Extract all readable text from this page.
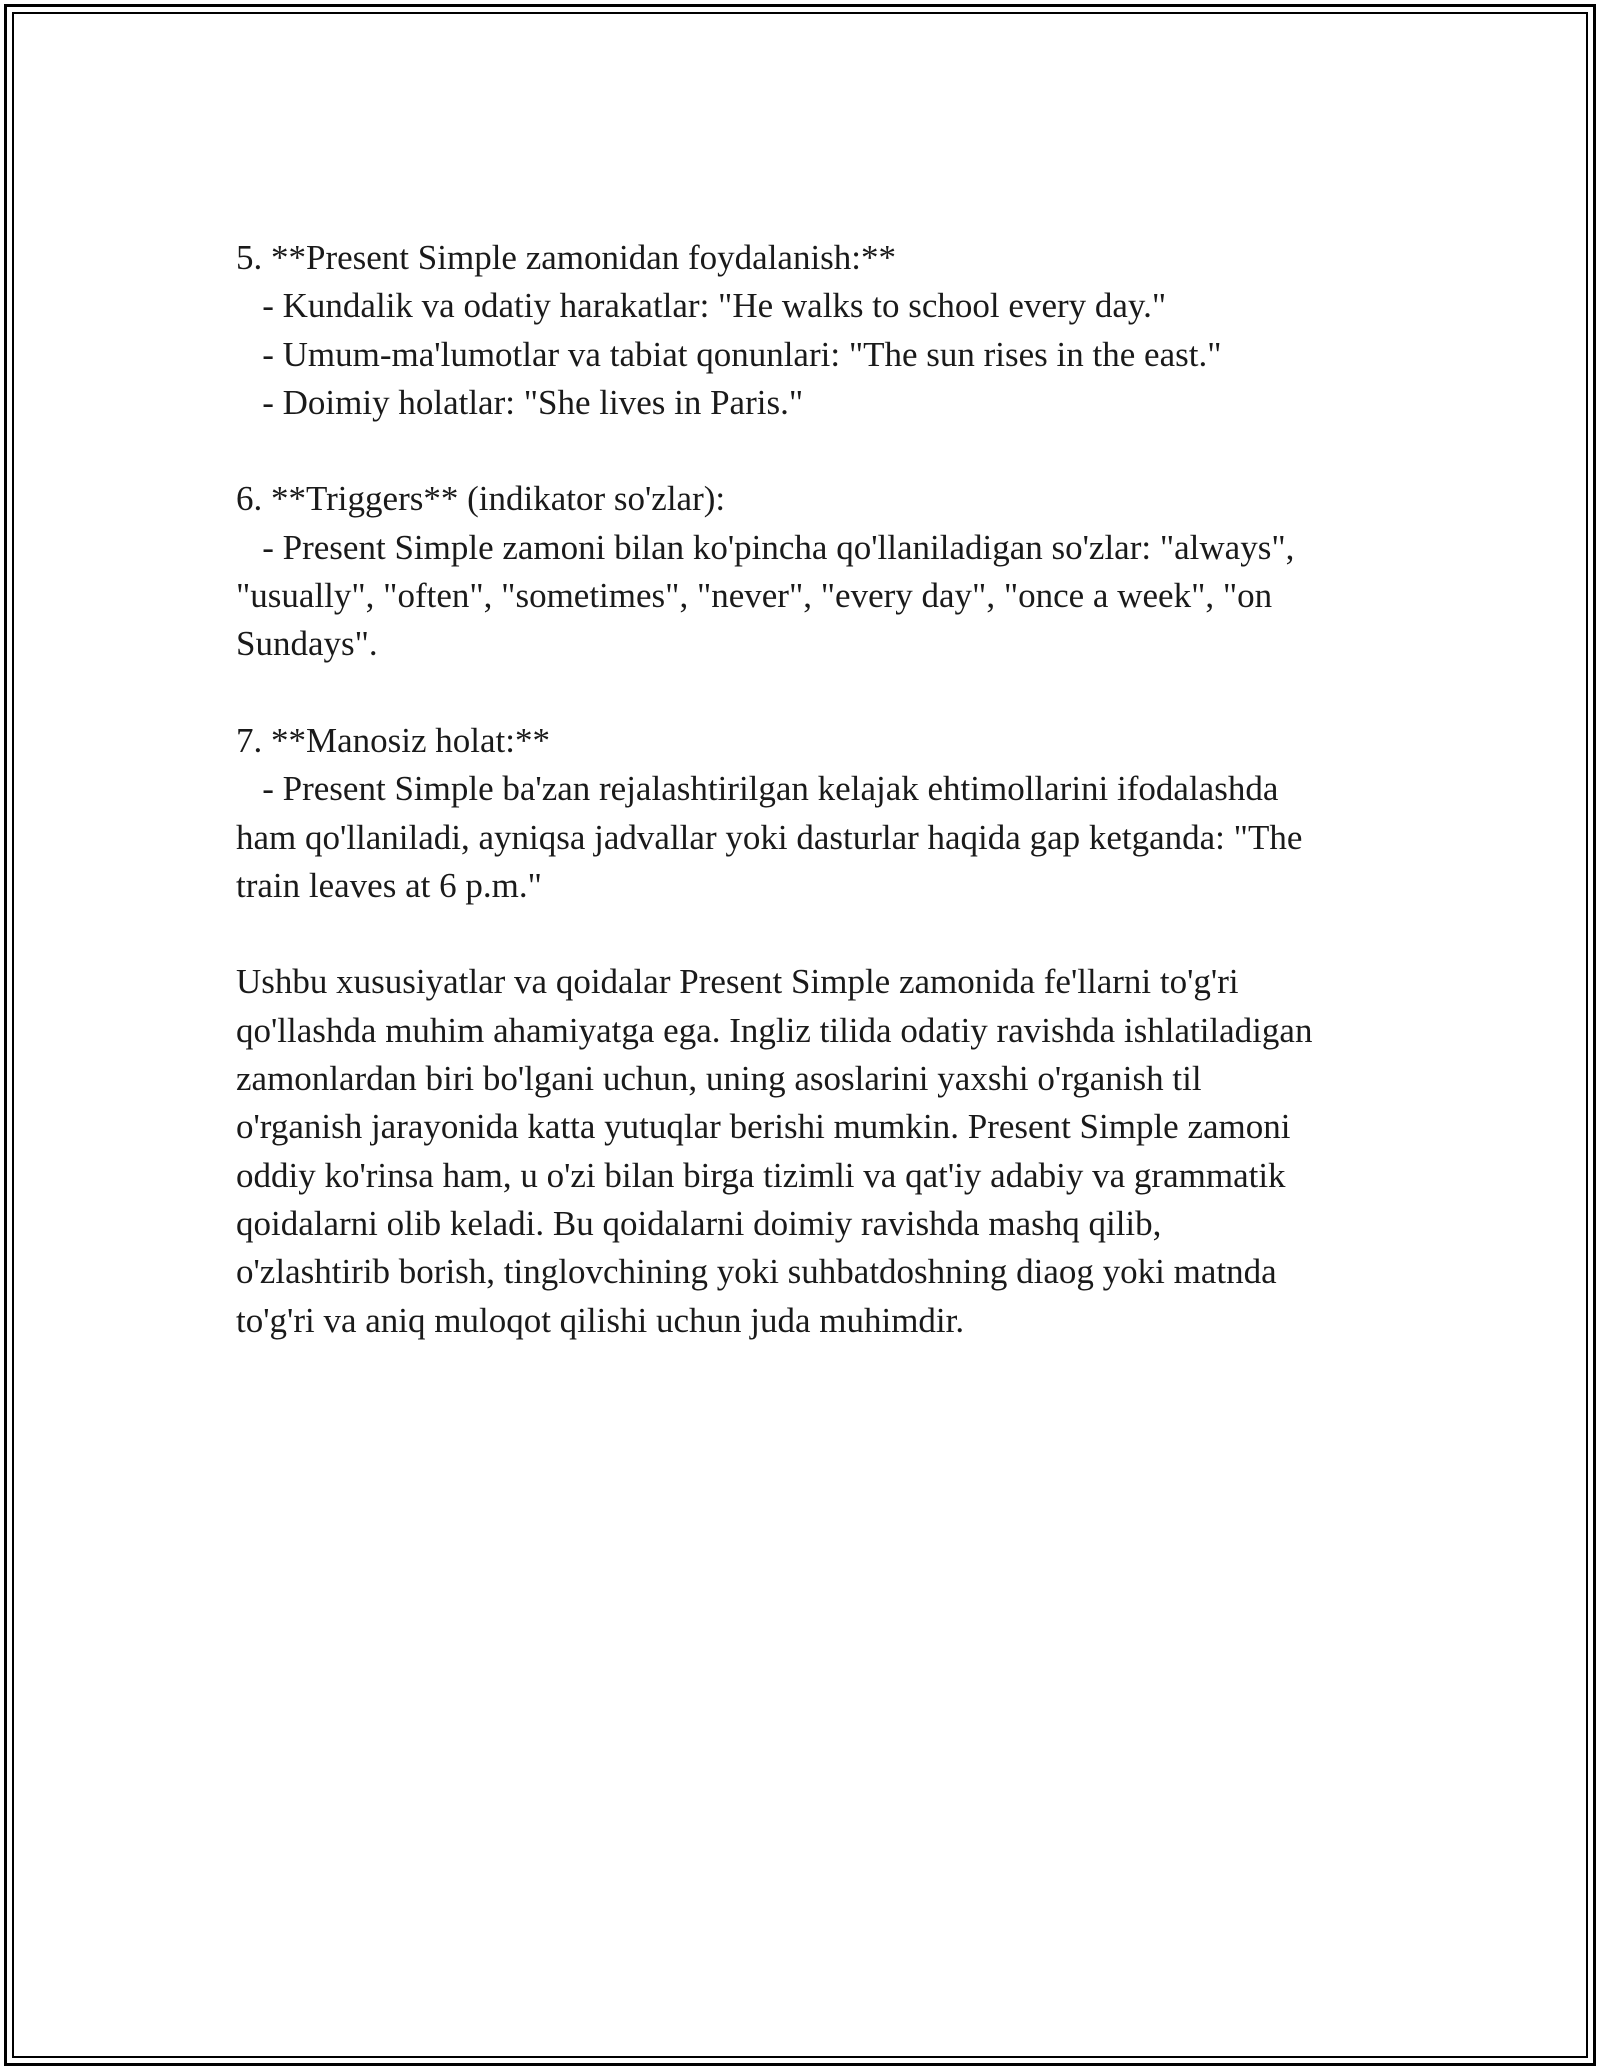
5. **Present Simple zamonidan foydalanish:**

- Kundalik va odatiy harakatlar: "He walks to school every day."

- Umum-ma'lumotlar va tabiat qonunlari: "The sun rises in the east."

- Doimiy holatlar: "She lives in Paris."

6. **Triggers** (indikator so'zlar):

- Present Simple zamoni bilan ko'pincha qo'llaniladigan so'zlar: "always",

"usually", "often", "sometimes", "never", "every day", "once a week", "on

Sundays".

7. **Manosiz holat:**

- Present Simple ba'zan rejalashtirilgan kelajak ehtimollarini ifodalashda

ham qo'llaniladi, ayniqsa jadvallar yoki dasturlar haqida gap ketganda: "The

train leaves at 6 p.m."

Ushbu xususiyatlar va qoidalar Present Simple zamonida fe'llarni to'g'ri

qo'llashda muhim ahamiyatga ega. Ingliz tilida odatiy ravishda ishlatiladigan

zamonlardan biri bo'lgani uchun, uning asoslarini yaxshi o'rganish til

o'rganish jarayonida katta yutuqlar berishi mumkin. Present Simple zamoni

oddiy ko'rinsa ham, u o'zi bilan birga tizimli va qat'iy adabiy va grammatik

qoidalarni olib keladi. Bu qoidalarni doimiy ravishda mashq qilib,

o'zlashtirib borish, tinglovchining yoki suhbatdoshning diaog yoki matnda

to'g'ri va aniq muloqot qilishi uchun juda muhimdir.
